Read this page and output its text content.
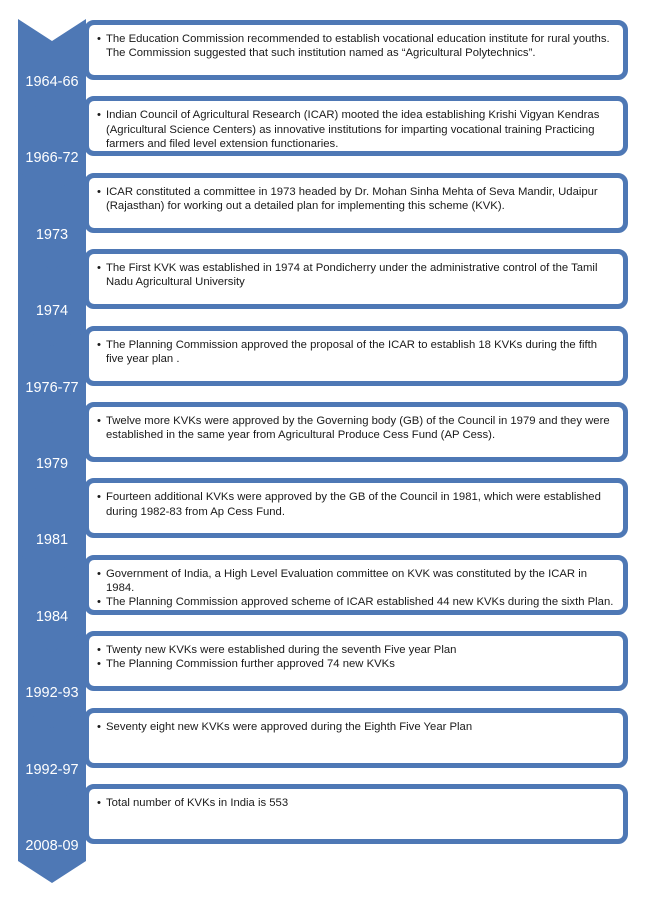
1964-66
• The Education Commission recommended to establish vocational education institute for rural youths. The Commission suggested that such institution named as “Agricultural Polytechnics”.
1966-72
• Indian Council of Agricultural Research (ICAR) mooted the idea establishing Krishi Vigyan Kendras (Agricultural Science Centers) as innovative institutions for imparting vocational training Practicing farmers and filed level extension functionaries.
1973
• ICAR constituted a committee in 1973 headed by Dr. Mohan Sinha Mehta of Seva Mandir, Udaipur (Rajasthan) for working out a detailed plan for implementing this scheme (KVK).
1974
• The First KVK was established in 1974 at Pondicherry under the administrative control of the Tamil Nadu Agricultural University
1976-77
• The Planning Commission approved the proposal of the ICAR to establish 18 KVKs during the fifth five year plan .
1979
• Twelve more KVKs were approved by the Governing body (GB) of the Council in 1979 and they were established in the same year from Agricultural Produce Cess Fund (AP Cess).
1981
• Fourteen additional KVKs were approved by the GB of the Council in 1981, which were established during 1982-83 from Ap Cess Fund.
1984
• Government of India, a High Level Evaluation committee on KVK was constituted by the ICAR in 1984.
• The Planning Commission approved scheme of ICAR established 44 new KVKs during the sixth Plan.
1992-93
• Twenty new KVKs were established during the seventh Five year Plan
• The Planning Commission further approved 74 new KVKs
1992-97
• Seventy eight new KVKs were approved during the Eighth Five Year Plan
2008-09
• Total number of KVKs in India is 553
